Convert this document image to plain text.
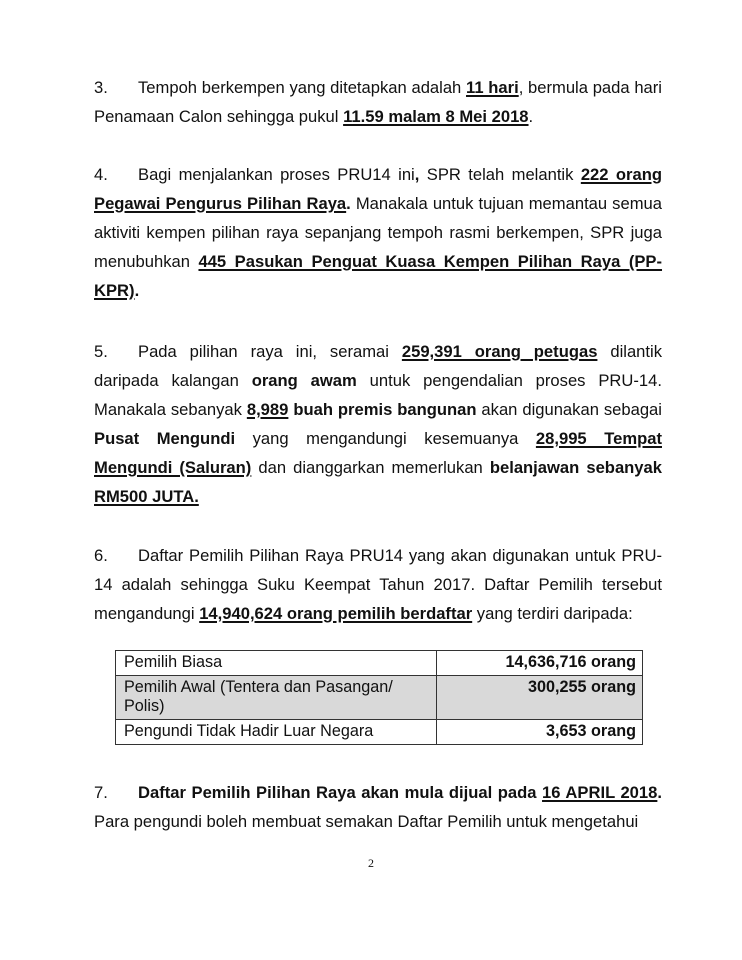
3. Tempoh berkempen yang ditetapkan adalah 11 hari, bermula pada hari Penamaan Calon sehingga pukul 11.59 malam 8 Mei 2018.
4. Bagi menjalankan proses PRU14 ini, SPR telah melantik 222 orang Pegawai Pengurus Pilihan Raya. Manakala untuk tujuan memantau semua aktiviti kempen pilihan raya sepanjang tempoh rasmi berkempen, SPR juga menubuhkan 445 Pasukan Penguat Kuasa Kempen Pilihan Raya (PP-KPR).
5. Pada pilihan raya ini, seramai 259,391 orang petugas dilantik daripada kalangan orang awam untuk pengendalian proses PRU-14. Manakala sebanyak 8,989 buah premis bangunan akan digunakan sebagai Pusat Mengundi yang mengandungi kesemuanya 28,995 Tempat Mengundi (Saluran) dan dianggarkan memerlukan belanjawan sebanyak RM500 JUTA.
6. Daftar Pemilih Pilihan Raya PRU14 yang akan digunakan untuk PRU-14 adalah sehingga Suku Keempat Tahun 2017. Daftar Pemilih tersebut mengandungi 14,940,624 orang pemilih berdaftar yang terdiri daripada:
Pemilih Biasa	14,636,716 orang
Pemilih Awal (Tentera dan Pasangan/ Polis)	300,255 orang
Pengundi Tidak Hadir Luar Negara	3,653 orang
7. Daftar Pemilih Pilihan Raya akan mula dijual pada 16 APRIL 2018. Para pengundi boleh membuat semakan Daftar Pemilih untuk mengetahui
2
